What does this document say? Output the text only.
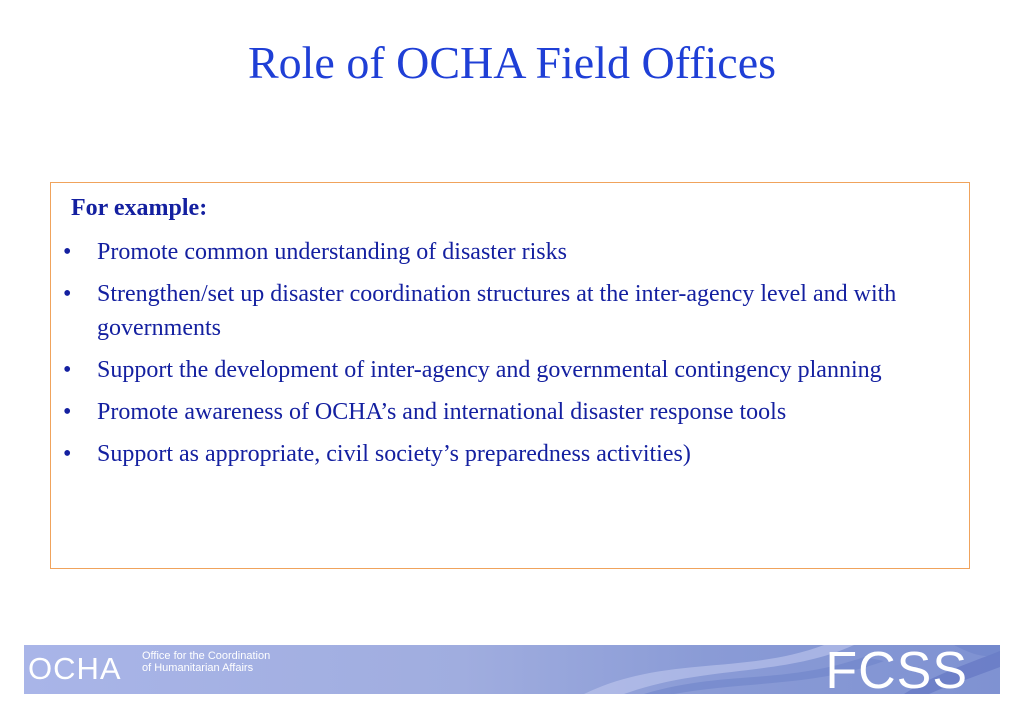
Role of OCHA Field Offices
For example:
• Promote common understanding of disaster risks
• Strengthen/set up disaster coordination structures at the inter-agency level and with governments
• Support the development of inter-agency and governmental contingency planning
• Promote awareness of OCHA’s and international disaster response tools
• Support as appropriate, civil society’s preparedness activities)
OCHA Office for the Coordination
of Humanitarian Affairs	FCSS
